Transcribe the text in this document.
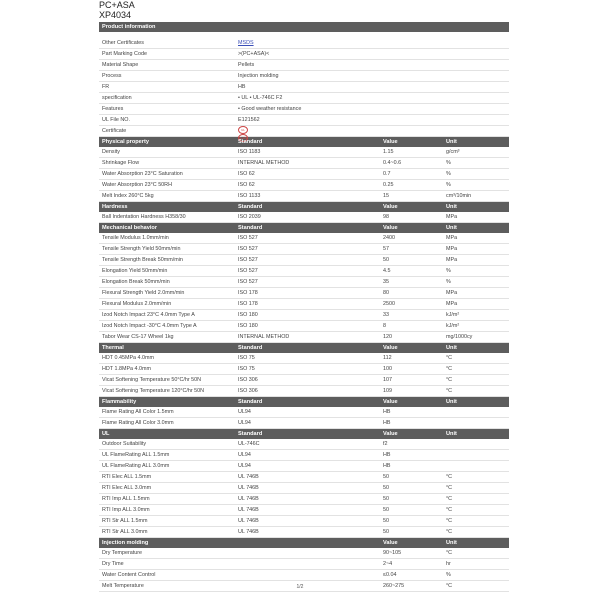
PC+ASA
XP4034
Product information
Other Certificates	MSDS
Part Marking Code	>(PC+ASA)<
Material Shape	Pellets
Process	Injection molding
FR	HB
specification	• UL • UL-746C F2
Features	• Good weather resistance
UL File NO.	E121562
Certificate	UL
RoHS
Physical property	Standard	Value	Unit
Density	ISO 1183	1.15	g/cm³
Shrinkage Flow	INTERNAL METHOD	0.4~0.6	%
Water Absorption 23°C Saturation	ISO 62	0.7	%
Water Absorption 23°C 50RH	ISO 62	0.25	%
Melt Index 260°C 5kg	ISO 1133	15	cm³/10min
Hardness	Standard	Value	Unit
Ball Indentation Hardness H358/30	ISO 2039	98	MPa
Mechanical behavior	Standard	Value	Unit
Tensile Modulus 1.0mm/min	ISO 527	2400	MPa
Tensile Strength Yield 50mm/min	ISO 527	57	MPa
Tensile Strength Break 50mm/min	ISO 527	50	MPa
Elongation Yield 50mm/min	ISO 527	4.5	%
Elongation Break 50mm/min	ISO 527	35	%
Flexural Strength Yield 2.0mm/min	ISO 178	80	MPa
Flexural Modulus 2.0mm/min	ISO 178	2500	MPa
Izod Notch Impact 23°C 4.0mm Type A	ISO 180	33	kJ/m²
Izod Notch Impact -30°C 4.0mm Type A	ISO 180	8	kJ/m²
Tabor Wear CS-17 Wheel 1kg	INTERNAL METHOD	120	mg/1000cy
Thermal	Standard	Value	Unit
HDT 0.45MPa 4.0mm	ISO 75	112	°C
HDT 1.8MPa 4.0mm	ISO 75	100	°C
Vicat Softening Temperature 50°C/hr 50N	ISO 306	107	°C
Vicat Softening Temperature 120°C/hr 50N	ISO 306	109	°C
Flammability	Standard	Value	Unit
Flame Rating All Color 1.5mm	UL94	HB
Flame Rating All Color 3.0mm	UL94	HB
UL	Standard	Value	Unit
Outdoor Suitability	UL-746C	f2
UL FlameRating ALL 1.5mm	UL94	HB
UL FlameRating ALL 3.0mm	UL94	HB
RTI Elec ALL 1.5mm	UL 746B	50	°C
RTI Elec ALL 3.0mm	UL 746B	50	°C
RTI Imp ALL 1.5mm	UL 746B	50	°C
RTI Imp ALL 3.0mm	UL 746B	50	°C
RTI Str ALL 1.5mm	UL 746B	50	°C
RTI Str ALL 3.0mm	UL 746B	50	°C
Injection molding	Value	Unit
Dry Temperature	90~105	°C
Dry Time	2~4	hr
Water Content Control	≤0.04	%
Melt Temperature	260~275	°C
1/2
